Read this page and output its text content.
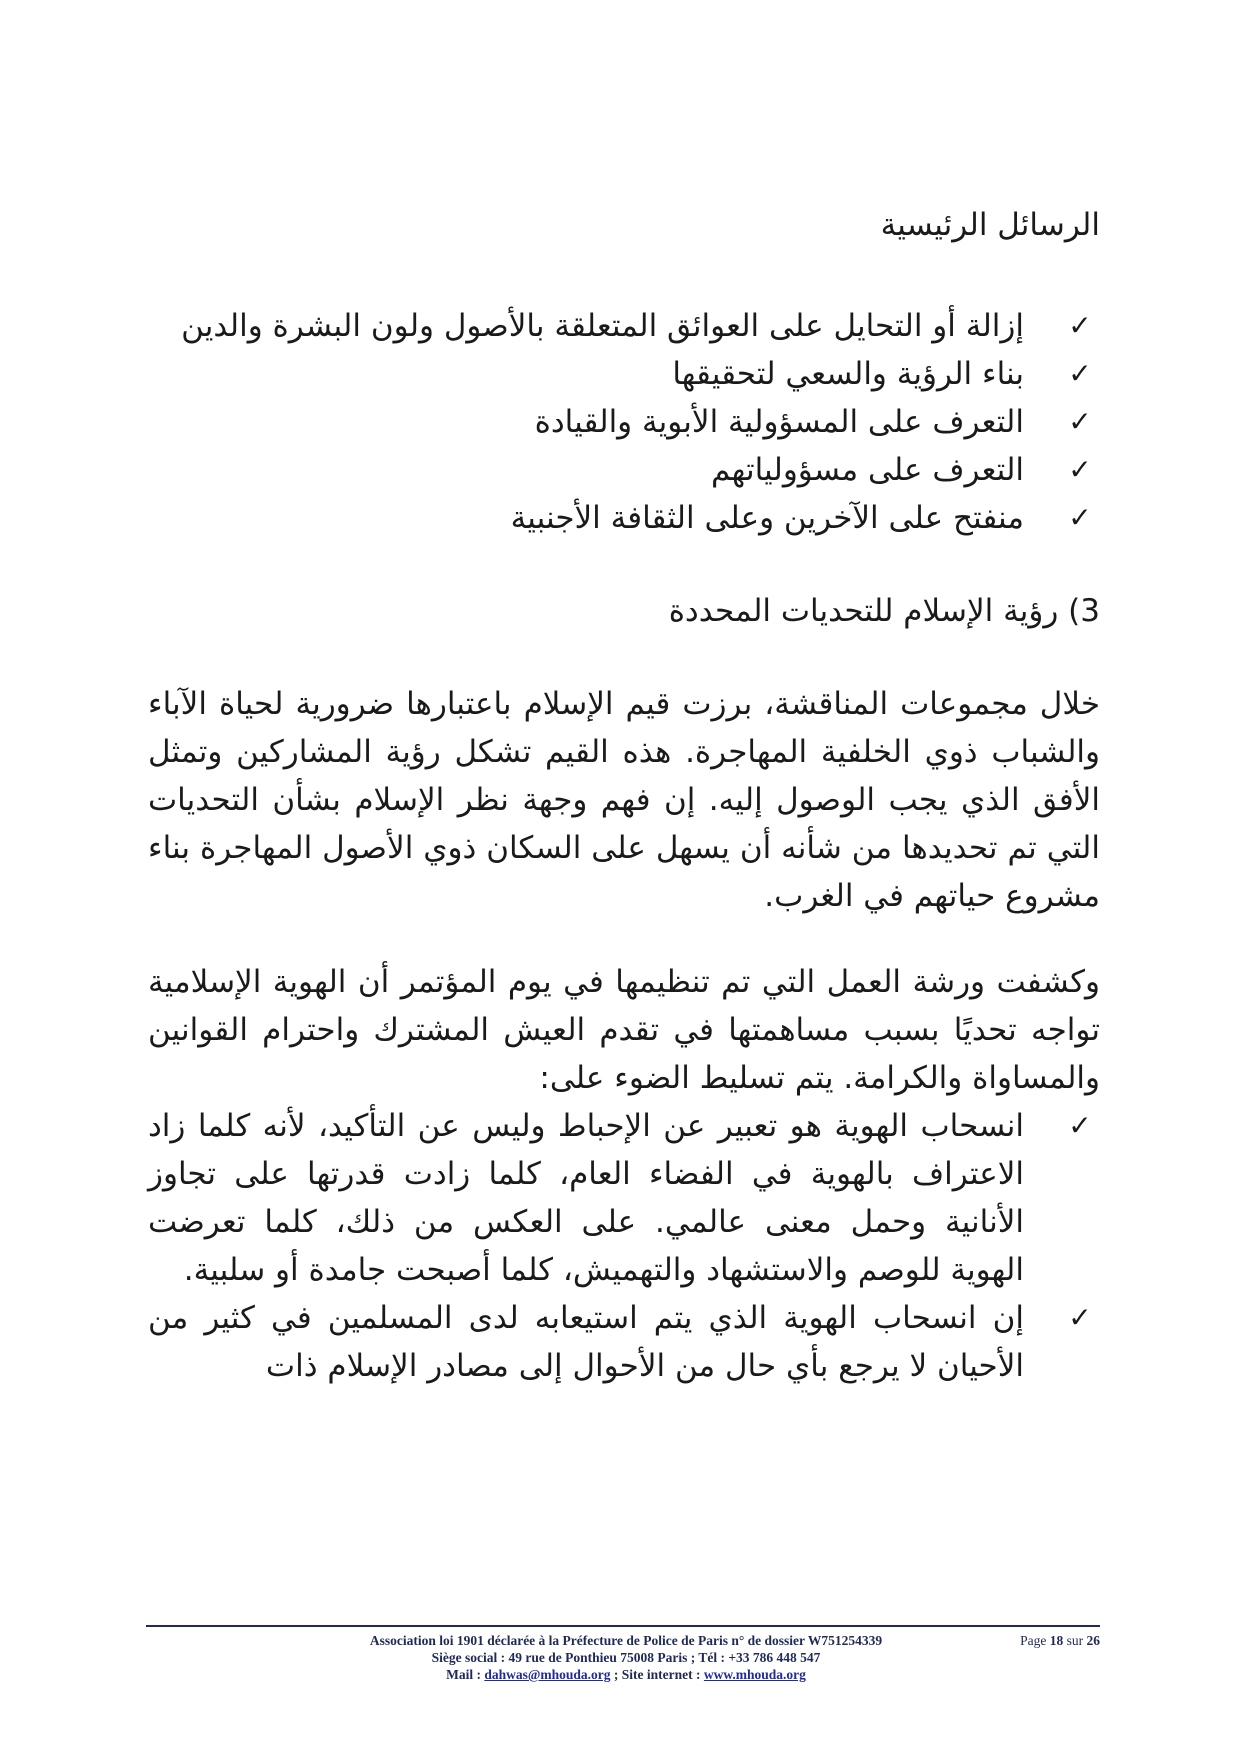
الرسائل الرئيسية

✓
إزالة أو التحايل على العوائق المتعلقة بالأصول ولون البشرة والدين
✓
بناء الرؤية والسعي لتحقيقها
✓
التعرف على المسؤولية الأبوية والقيادة
✓
التعرف على مسؤولياتهم
✓
منفتح على الآخرين وعلى الثقافة الأجنبية

3) رؤية الإسلام للتحديات المحددة

خلال مجموعات المناقشة، برزت قيم الإسلام باعتبارها ضرورية لحياة الآباء والشباب ذوي الخلفية المهاجرة. هذه القيم تشكل رؤية المشاركين وتمثل الأفق الذي يجب الوصول إليه. إن فهم وجهة نظر الإسلام بشأن التحديات التي تم تحديدها من شأنه أن يسهل على السكان ذوي الأصول المهاجرة بناء مشروع حياتهم في الغرب.

وكشفت ورشة العمل التي تم تنظيمها في يوم المؤتمر أن الهوية الإسلامية تواجه تحديًا بسبب مساهمتها في تقدم العيش المشترك واحترام القوانين والمساواة والكرامة. يتم تسليط الضوء على:

✓
انسحاب الهوية هو تعبير عن الإحباط وليس عن التأكيد، لأنه كلما زاد الاعتراف بالهوية في الفضاء العام، كلما زادت قدرتها على تجاوز الأنانية وحمل معنى عالمي. على العكس من ذلك، كلما تعرضت الهوية للوصم والاستشهاد والتهميش، كلما أصبحت جامدة أو سلبية.
✓
إن انسحاب الهوية الذي يتم استيعابه لدى المسلمين في كثير من الأحيان لا يرجع بأي حال من الأحوال إلى مصادر الإسلام ذات
Association loi 1901 déclarée à la Préfecture de Police de Paris n° de dossier W751254339	Page 18 sur 26
Siège social : 49 rue de Ponthieu 75008 Paris ; Tél : +33 786 448 547
Mail : dahwas@mhouda.org ; Site internet : www.mhouda.org
